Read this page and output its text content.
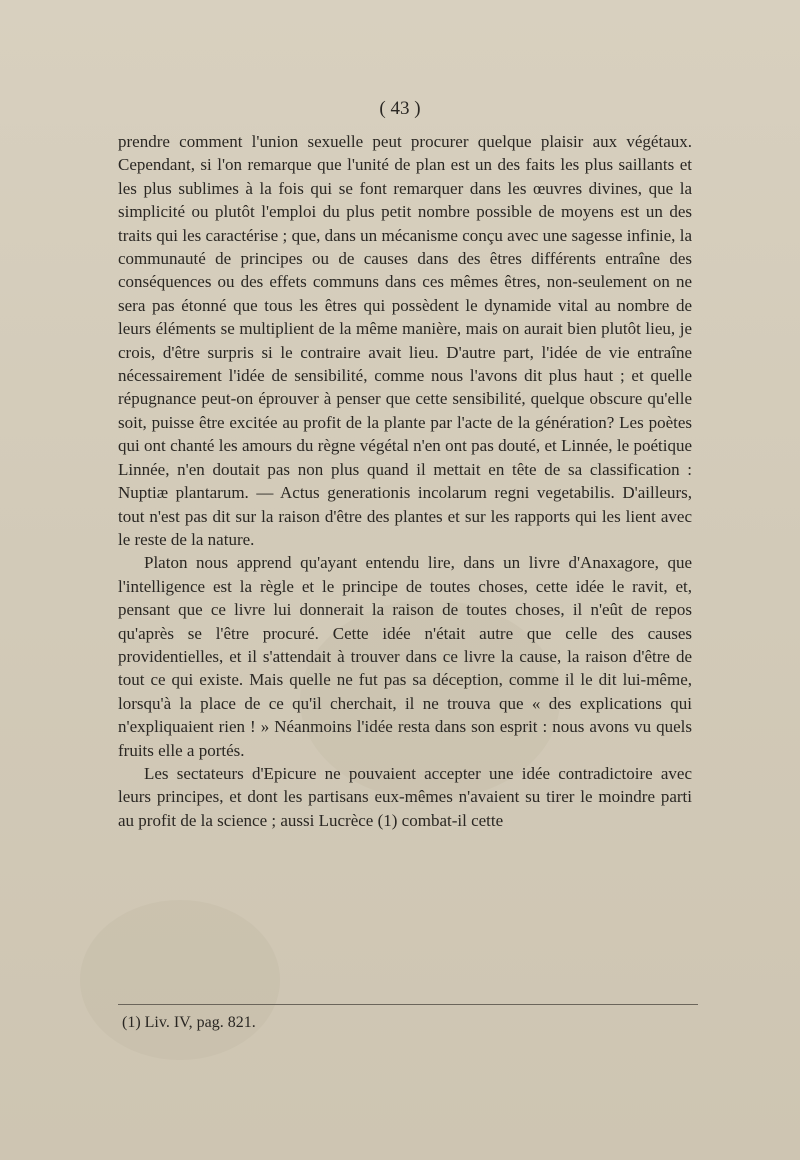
( 43 )

prendre comment l'union sexuelle peut procurer quelque plaisir aux végétaux. Cependant, si l'on remarque que l'unité de plan est un des faits les plus saillants et les plus sublimes à la fois qui se font remarquer dans les œuvres divines, que la simplicité ou plutôt l'emploi du plus petit nombre possible de moyens est un des traits qui les caractérise ; que, dans un mécanisme conçu avec une sagesse infinie, la communauté de principes ou de causes dans des êtres différents entraîne des conséquences ou des effets communs dans ces mêmes êtres, non-seulement on ne sera pas étonné que tous les êtres qui possèdent le dynamide vital au nombre de leurs éléments se multiplient de la même manière, mais on aurait bien plutôt lieu, je crois, d'être surpris si le contraire avait lieu. D'autre part, l'idée de vie entraîne nécessairement l'idée de sensibilité, comme nous l'avons dit plus haut ; et quelle répugnance peut-on éprouver à penser que cette sensibilité, quelque obscure qu'elle soit, puisse être excitée au profit de la plante par l'acte de la génération? Les poètes qui ont chanté les amours du règne végétal n'en ont pas douté, et Linnée, le poétique Linnée, n'en doutait pas non plus quand il mettait en tête de sa classification : Nuptiæ plantarum. — Actus generationis incolarum regni vegetabilis. D'ailleurs, tout n'est pas dit sur la raison d'être des plantes et sur les rapports qui les lient avec le reste de la nature.

Platon nous apprend qu'ayant entendu lire, dans un livre d'Anaxagore, que l'intelligence est la règle et le principe de toutes choses, cette idée le ravit, et, pensant que ce livre lui donnerait la raison de toutes choses, il n'eût de repos qu'après se l'être procuré. Cette idée n'était autre que celle des causes providentielles, et il s'attendait à trouver dans ce livre la cause, la raison d'être de tout ce qui existe. Mais quelle ne fut pas sa déception, comme il le dit lui-même, lorsqu'à la place de ce qu'il cherchait, il ne trouva que « des explications qui n'expliquaient rien ! » Néanmoins l'idée resta dans son esprit : nous avons vu quels fruits elle a portés.

Les sectateurs d'Epicure ne pouvaient accepter une idée contradictoire avec leurs principes, et dont les partisans eux-mêmes n'avaient su tirer le moindre parti au profit de la science ; aussi Lucrèce (1) combat-il cette

(1) Liv. IV, pag. 821.
